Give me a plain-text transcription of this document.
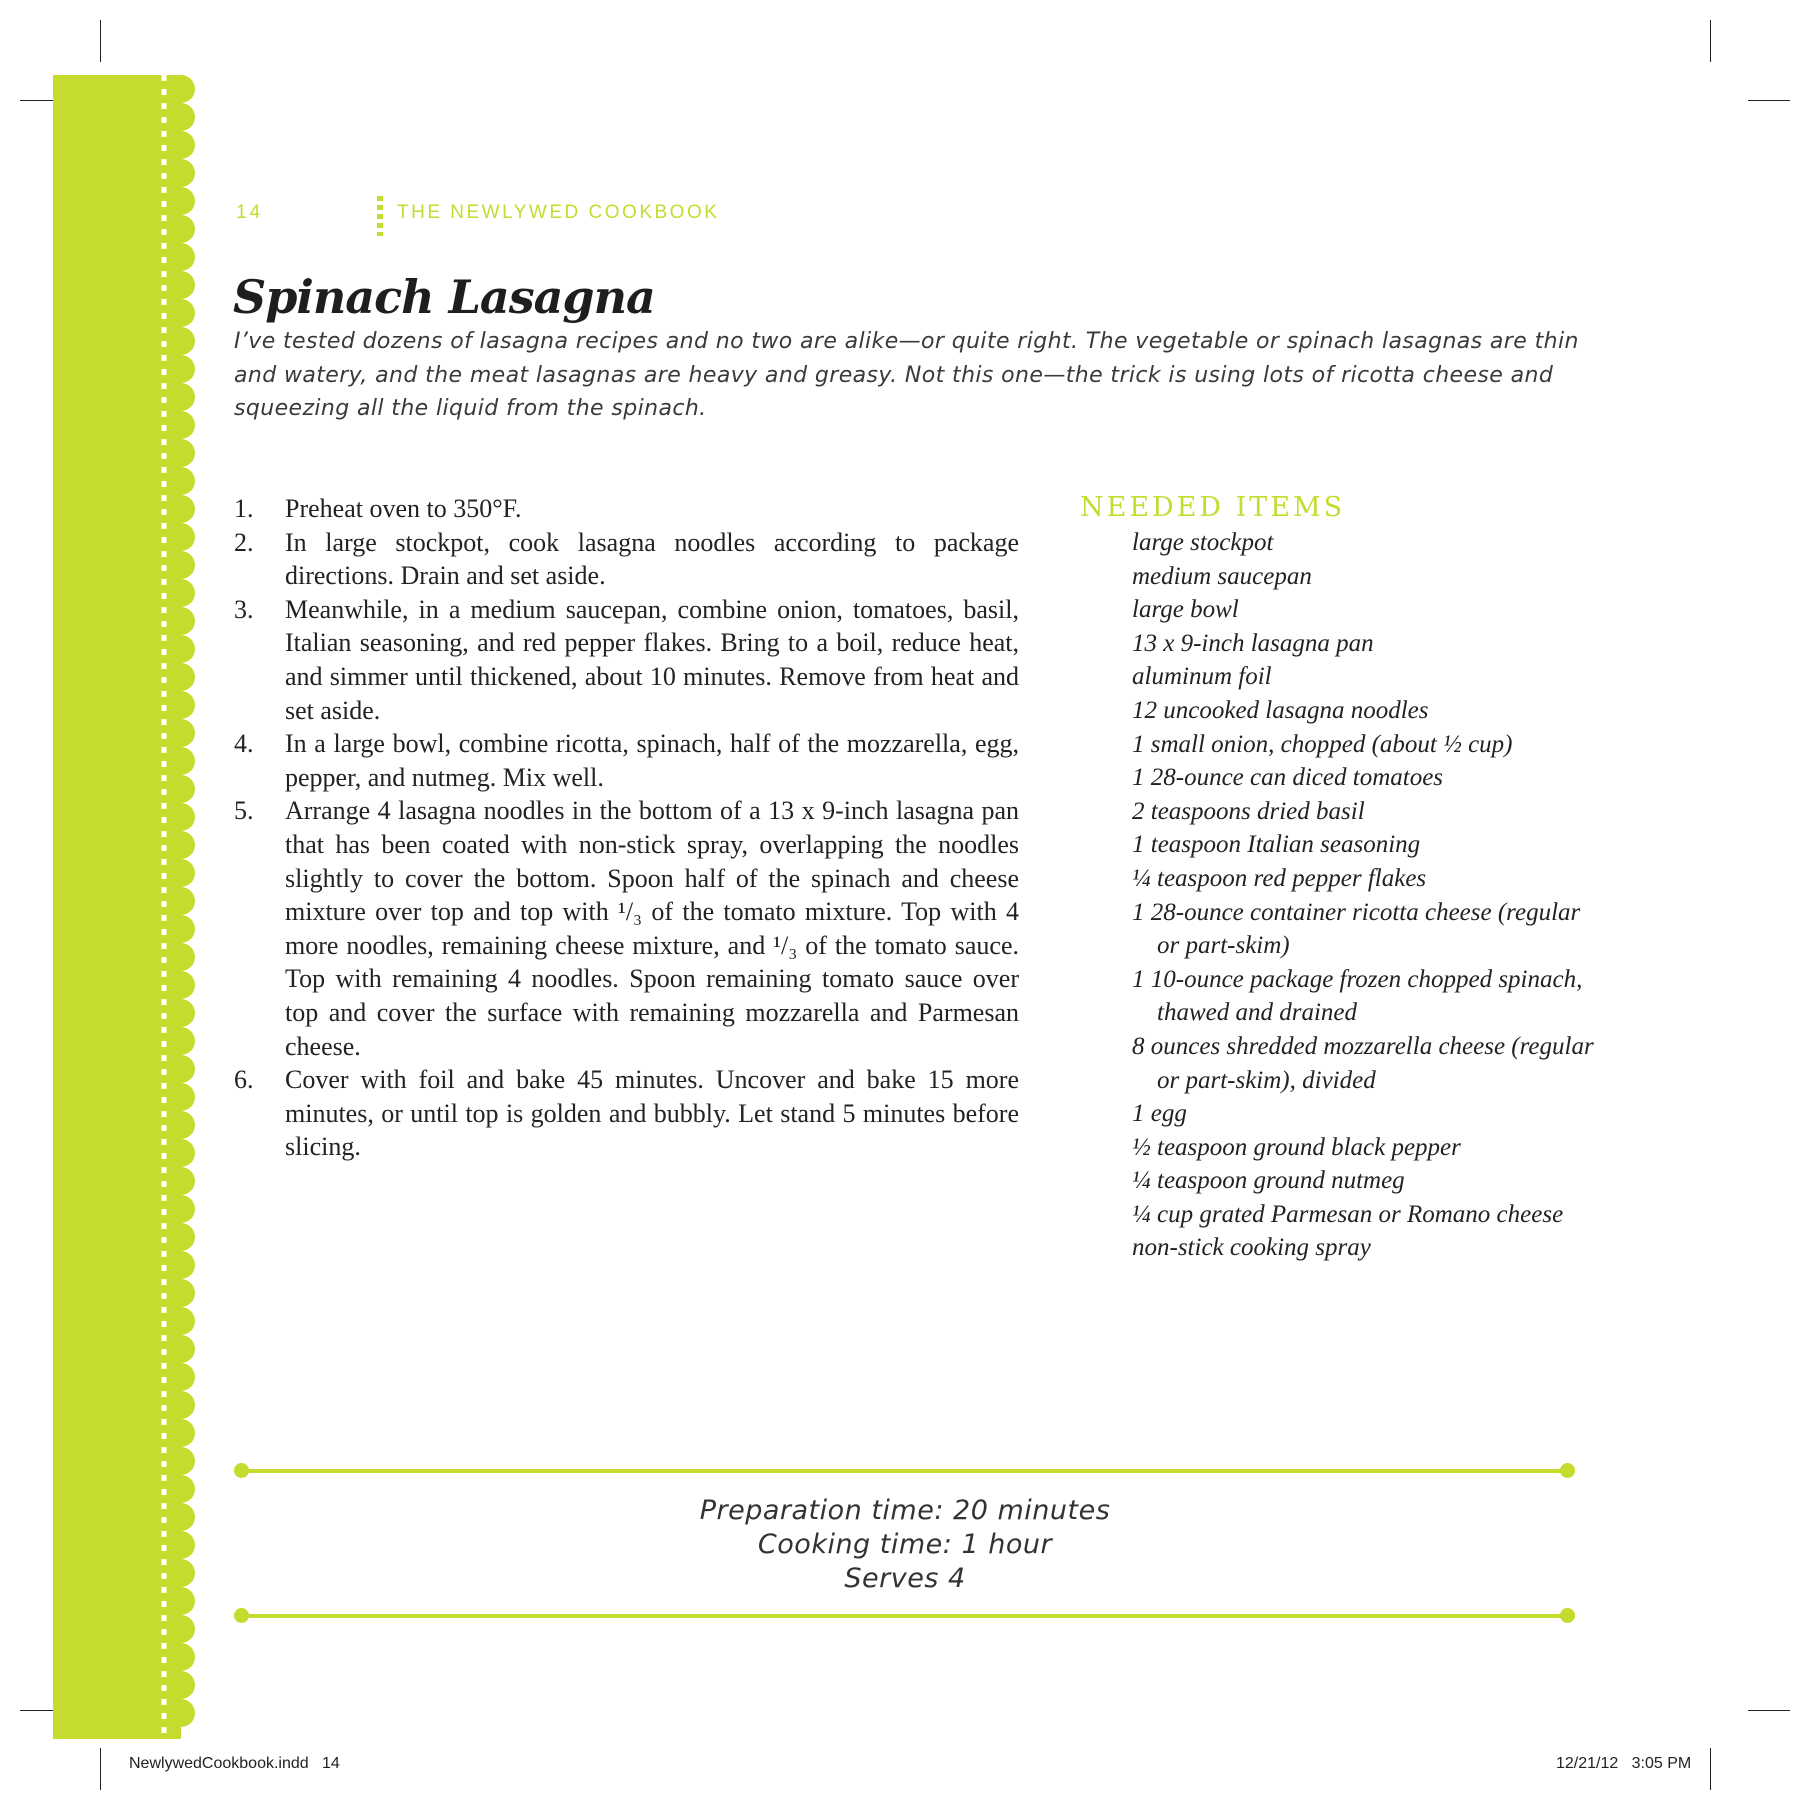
14	THE NEWLYWED COOKBOOK
Spinach Lasagna

I’ve tested dozens of lasagna recipes and no two are alike—or quite right. The vegetable or spinach lasagnas are thin and watery, and the meat lasagnas are heavy and greasy. Not this one—the trick is using lots of ricotta cheese and squeezing all the liquid from the spinach.

1. Preheat oven to 350°F.
2. In large stockpot, cook lasagna noodles according to package directions. Drain and set aside.
3. Meanwhile, in a medium saucepan, combine onion, tomatoes, basil, Italian seasoning, and red pepper flakes. Bring to a boil, reduce heat, and simmer until thickened, about 10 minutes. Remove from heat and set aside.
4. In a large bowl, combine ricotta, spinach, half of the mozzarella, egg, pepper, and nutmeg. Mix well.
5. Arrange 4 lasagna noodles in the bottom of a 13 x 9-inch lasagna pan that has been coated with non-stick spray, overlapping the noodles slightly to cover the bottom. Spoon half of the spinach and cheese mixture over top and top with ¹/₃ of the tomato mixture. Top with 4 more noodles, remaining cheese mixture, and ¹/₃ of the tomato sauce. Top with remaining 4 noodles. Spoon remaining tomato sauce over top and cover the surface with remaining mozzarella and Parmesan cheese.
6. Cover with foil and bake 45 minutes. Uncover and bake 15 more minutes, or until top is golden and bubbly. Let stand 5 minutes before slicing.
NEEDED ITEMS
large stockpot
medium saucepan
large bowl
13 x 9-inch lasagna pan
aluminum foil
12 uncooked lasagna noodles
1 small onion, chopped (about ½ cup)
1 28-ounce can diced tomatoes
2 teaspoons dried basil
1 teaspoon Italian seasoning
¼ teaspoon red pepper flakes
1 28-ounce container ricotta cheese (regular or part-skim)
1 10-ounce package frozen chopped spinach, thawed and drained
8 ounces shredded mozzarella cheese (regular or part-skim), divided
1 egg
½ teaspoon ground black pepper
¼ teaspoon ground nutmeg
¼ cup grated Parmesan or Romano cheese
non-stick cooking spray
Preparation time: 20 minutes
Cooking time: 1 hour
Serves 4
NewlywedCookbook.indd   14	12/21/12   3:05 PM
